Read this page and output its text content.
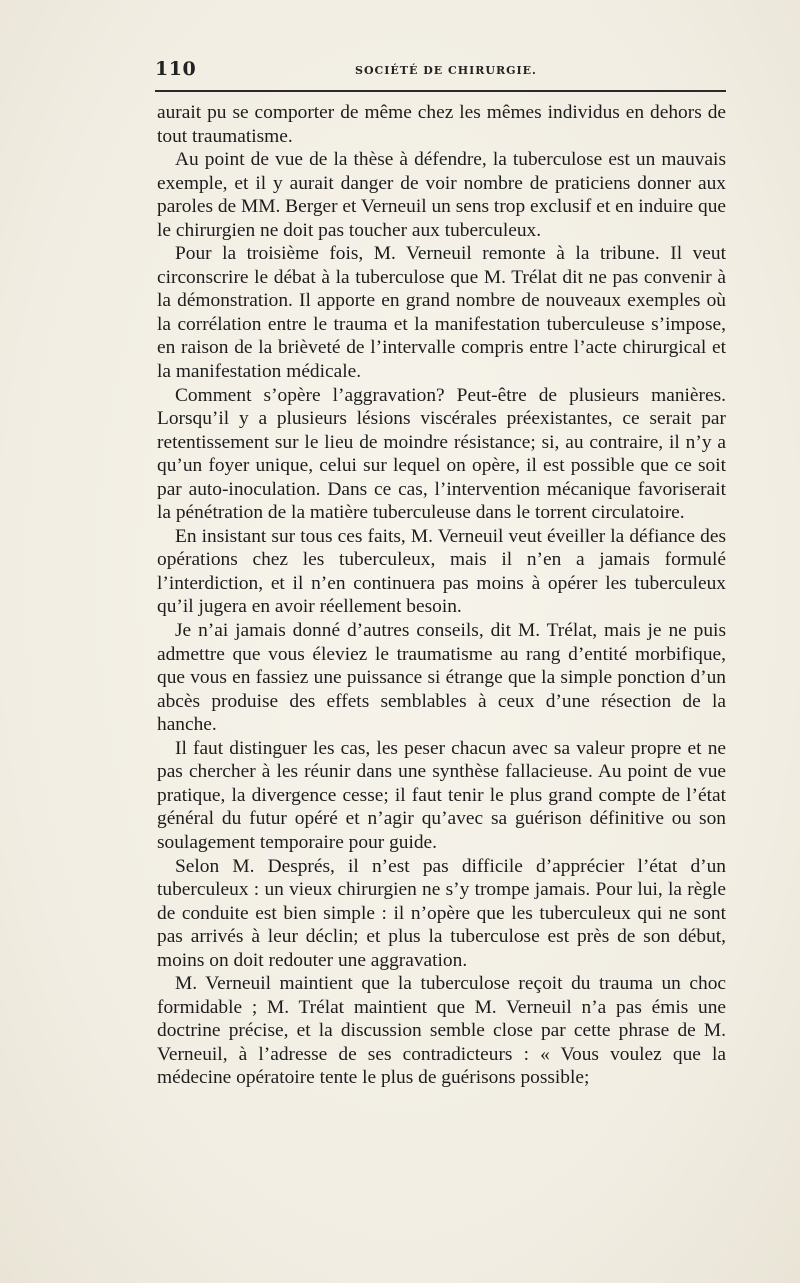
110	SOCIÉTÉ DE CHIRURGIE.

aurait pu se comporter de même chez les mêmes individus en dehors de tout traumatisme.

Au point de vue de la thèse à défendre, la tuberculose est un mauvais exemple, et il y aurait danger de voir nombre de praticiens donner aux paroles de MM. Berger et Verneuil un sens trop exclusif et en induire que le chirurgien ne doit pas toucher aux tuberculeux.

Pour la troisième fois, M. Verneuil remonte à la tribune. Il veut circonscrire le débat à la tuberculose que M. Trélat dit ne pas convenir à la démonstration. Il apporte en grand nombre de nouveaux exemples où la corrélation entre le trauma et la manifestation tuberculeuse s’impose, en raison de la brièveté de l’intervalle compris entre l’acte chirurgical et la manifestation médicale.

Comment s’opère l’aggravation? Peut-être de plusieurs manières. Lorsqu’il y a plusieurs lésions viscérales préexistantes, ce serait par retentissement sur le lieu de moindre résistance; si, au contraire, il n’y a qu’un foyer unique, celui sur lequel on opère, il est possible que ce soit par auto-inoculation. Dans ce cas, l’intervention mécanique favoriserait la pénétration de la matière tuberculeuse dans le torrent circulatoire.

En insistant sur tous ces faits, M. Verneuil veut éveiller la défiance des opérations chez les tuberculeux, mais il n’en a jamais formulé l’interdiction, et il n’en continuera pas moins à opérer les tuberculeux qu’il jugera en avoir réellement besoin.

Je n’ai jamais donné d’autres conseils, dit M. Trélat, mais je ne puis admettre que vous éleviez le traumatisme au rang d’entité morbifique, que vous en fassiez une puissance si étrange que la simple ponction d’un abcès produise des effets semblables à ceux d’une résection de la hanche.

Il faut distinguer les cas, les peser chacun avec sa valeur propre et ne pas chercher à les réunir dans une synthèse fallacieuse. Au point de vue pratique, la divergence cesse; il faut tenir le plus grand compte de l’état général du futur opéré et n’agir qu’avec sa guérison définitive ou son soulagement temporaire pour guide.

Selon M. Després, il n’est pas difficile d’apprécier l’état d’un tuberculeux : un vieux chirurgien ne s’y trompe jamais. Pour lui, la règle de conduite est bien simple : il n’opère que les tuberculeux qui ne sont pas arrivés à leur déclin; et plus la tuberculose est près de son début, moins on doit redouter une aggravation.

M. Verneuil maintient que la tuberculose reçoit du trauma un choc formidable ; M. Trélat maintient que M. Verneuil n’a pas émis une doctrine précise, et la discussion semble close par cette phrase de M. Verneuil, à l’adresse de ses contradicteurs : « Vous voulez que la médecine opératoire tente le plus de guérisons possible;
